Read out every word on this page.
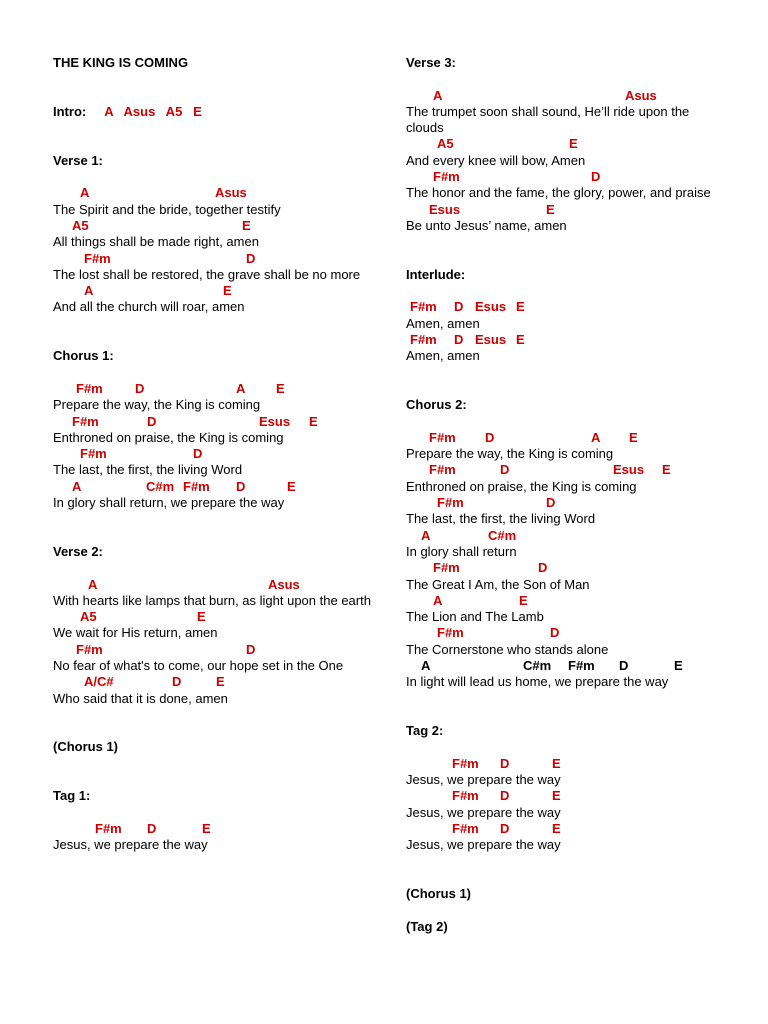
THE KING IS COMING
Intro: A   Asus   A5   E
Verse 1:
A	Asus
The Spirit and the bride, together testify
A5	E
All things shall be made right, amen
F#m	D
The lost shall be restored, the grave shall be no more
A	E
And all the church will roar, amen
Chorus 1:
F#m D	A E
Prepare the way, the King is coming
F#m	D	Esus E
Enthroned on praise, the King is coming
F#m	D
The last, the first, the living Word
A	C#m F#m D	E
In glory shall return, we prepare the way
Verse 2:
A	Asus
With hearts like lamps that burn, as light upon the earth
A5	E
We wait for His return, amen
F#m	D
No fear of what's to come, our hope set in the One
A/C#	D	E
Who said that it is done, amen
(Chorus 1)
Tag 1:
F#m D	E
Jesus, we prepare the way
Verse 3:
A	Asus
The trumpet soon shall sound, He’ll ride upon the clouds
A5	E
And every knee will bow, Amen
F#m	D
The honor and the fame, the glory, power, and praise
Esus	E
Be unto Jesus’ name, amen
Interlude:
F#m D Esus E
Amen, amen
F#m D Esus E
Amen, amen
Chorus 2:
F#m D	A E
Prepare the way, the King is coming
F#m	D	Esus E
Enthroned on praise, the King is coming
F#m	D
The last, the first, the living Word
A	C#m
In glory shall return
F#m	D
The Great I Am, the Son of Man
A	E
The Lion and The Lamb
F#m	D
The Cornerstone who stands alone
A	C#m F#m D	E
In light will lead us home, we prepare the way
Tag 2:
F#m D	E
Jesus, we prepare the way
F#m D	E
Jesus, we prepare the way
F#m D	E
Jesus, we prepare the way
(Chorus 1)
(Tag 2)
